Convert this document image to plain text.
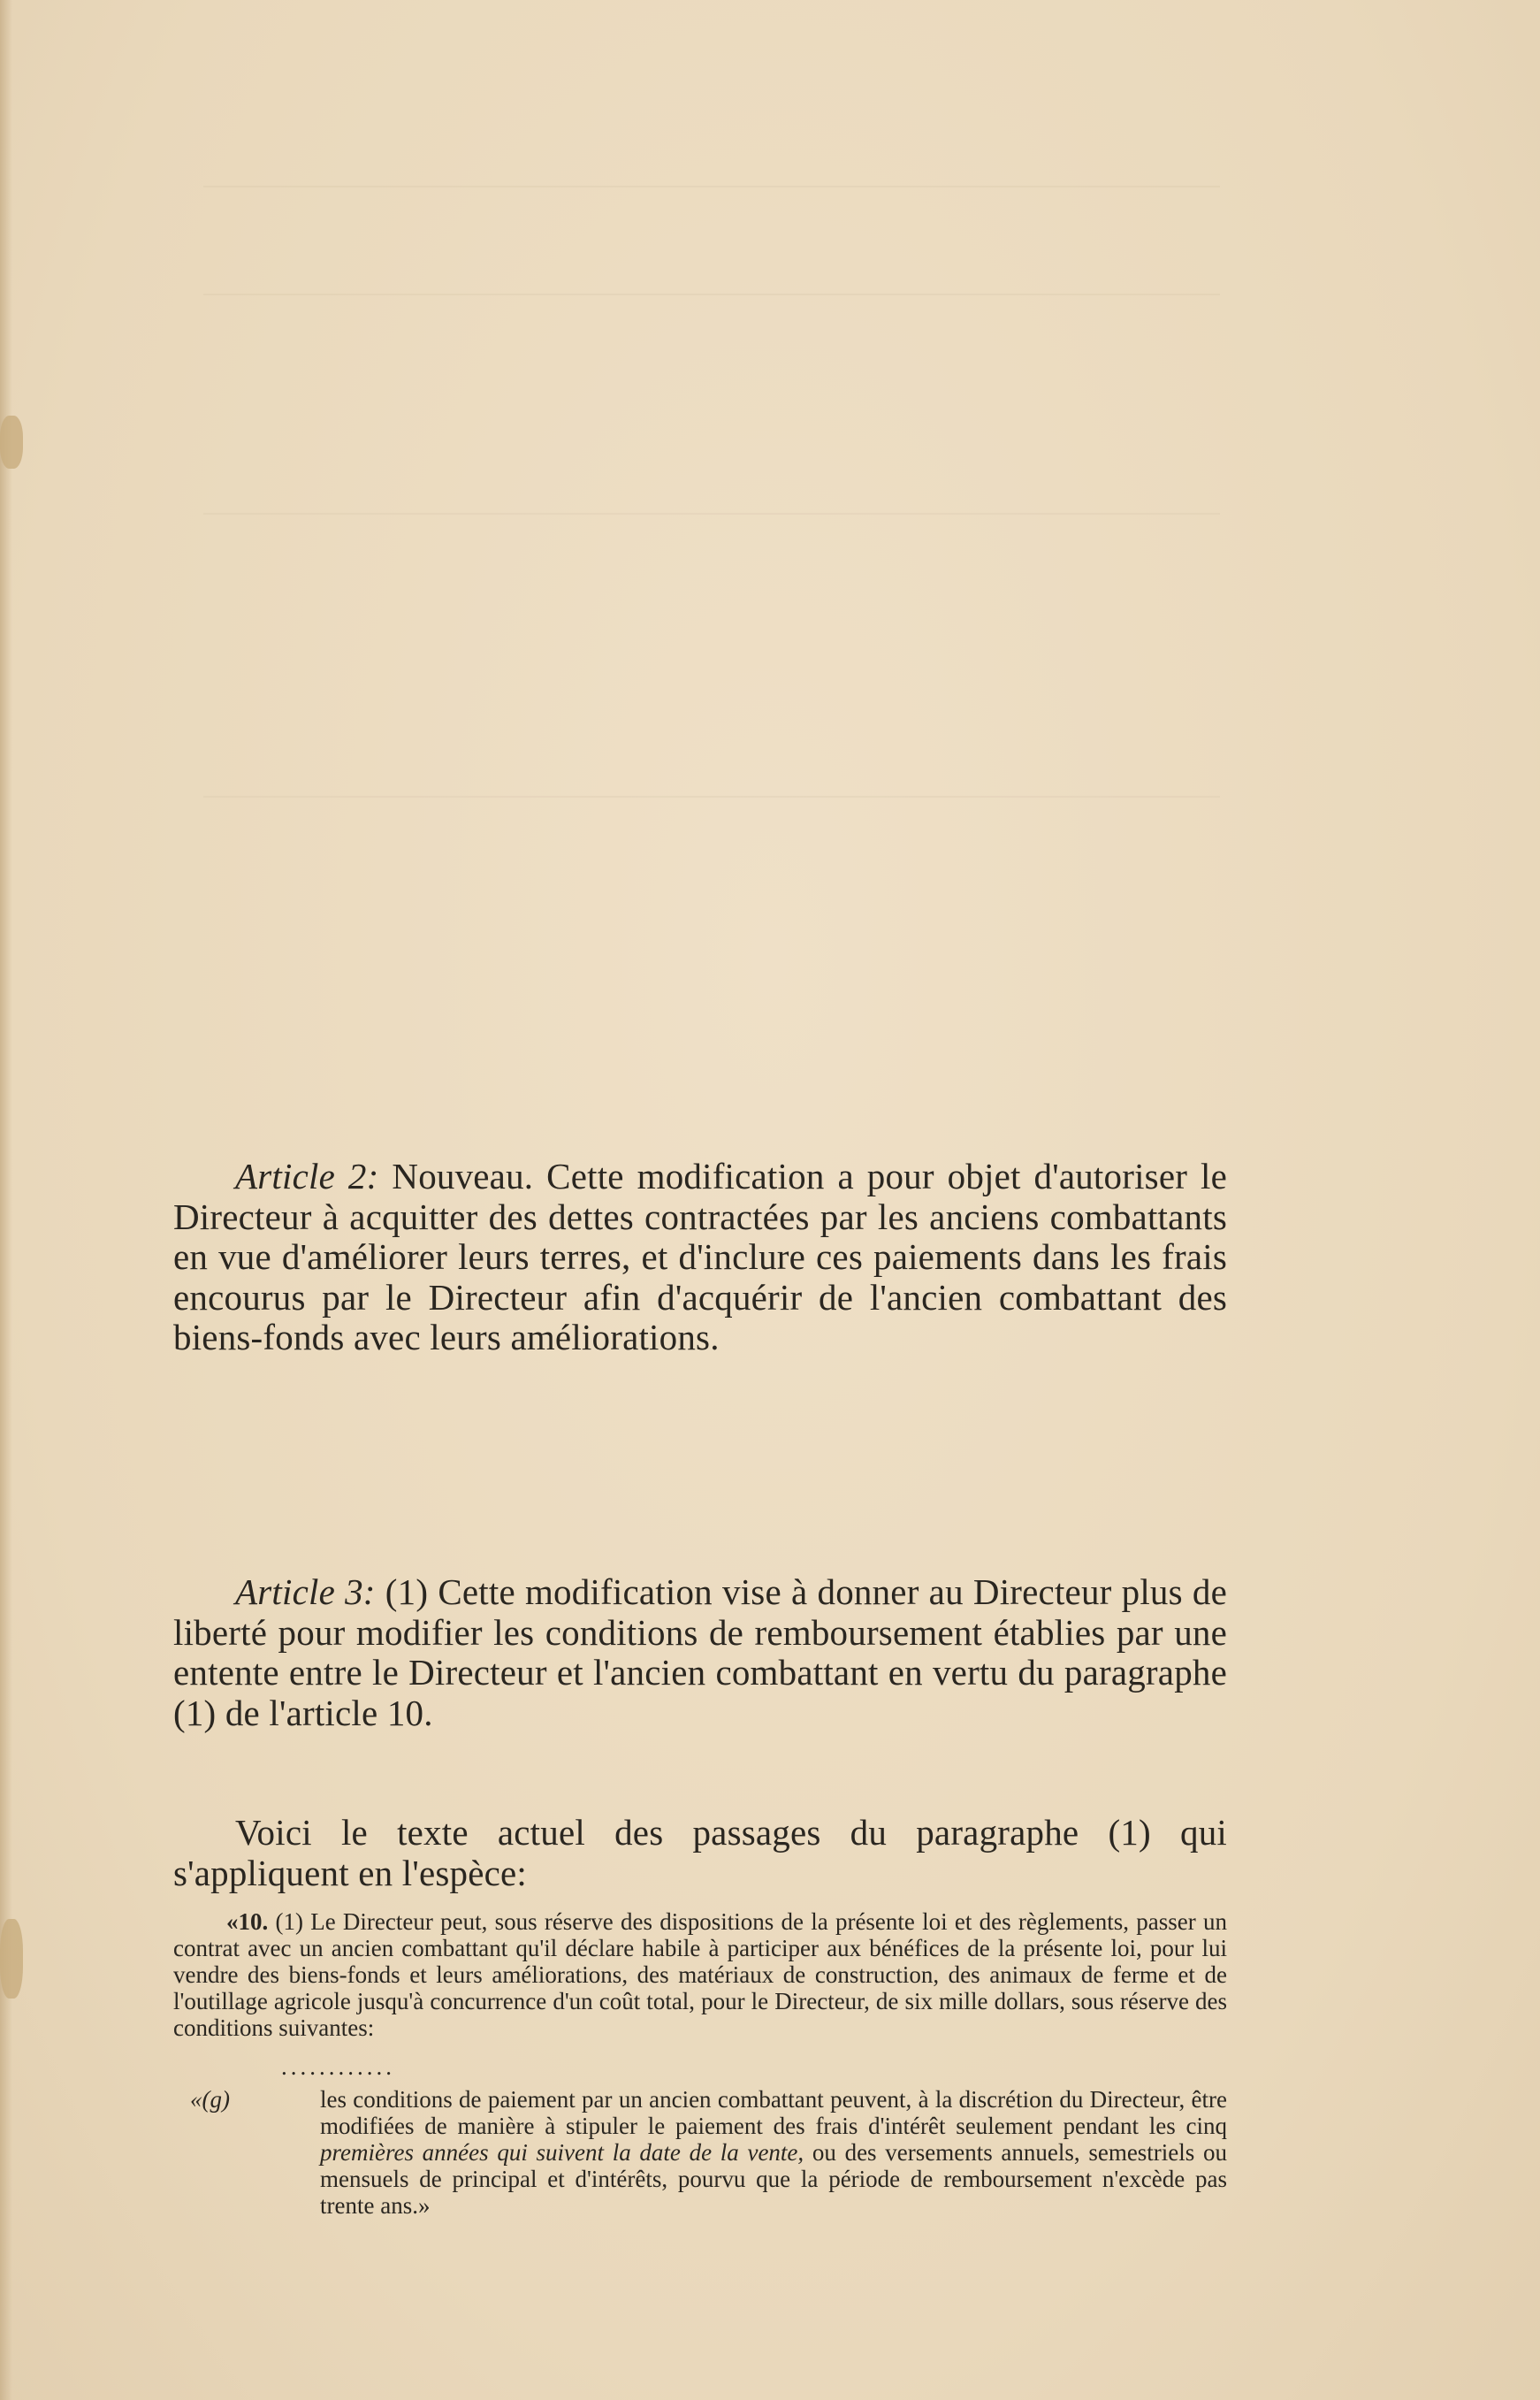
Article 2: Nouveau. Cette modification a pour objet d'autoriser le Directeur à acquitter des dettes contractées par les anciens combattants en vue d'améliorer leurs terres, et d'inclure ces paiements dans les frais encourus par le Directeur afin d'acquérir de l'ancien combattant des biens-fonds avec leurs améliorations.

Article 3: (1) Cette modification vise à donner au Directeur plus de liberté pour modifier les conditions de remboursement établies par une entente entre le Directeur et l'ancien combattant en vertu du paragraphe (1) de l'article 10.

Voici le texte actuel des passages du paragraphe (1) qui s'appliquent en l'espèce:

«10. (1) Le Directeur peut, sous réserve des dispositions de la présente loi et des règlements, passer un contrat avec un ancien combattant qu'il déclare habile à participer aux bénéfices de la présente loi, pour lui vendre des biens-fonds et leurs améliorations, des matériaux de construction, des animaux de ferme et de l'outillage agricole jusqu'à concurrence d'un coût total, pour le Directeur, de six mille dollars, sous réserve des conditions suivantes:

............
«(g)	les conditions de paiement par un ancien combattant peuvent, à la discrétion du Directeur, être modifiées de manière à stipuler le paiement des frais d'intérêt seulement pendant les cinq premières années qui suivent la date de la vente, ou des versements annuels, semestriels ou mensuels de principal et d'intérêts, pourvu que la période de remboursement n'excède pas trente ans.»
